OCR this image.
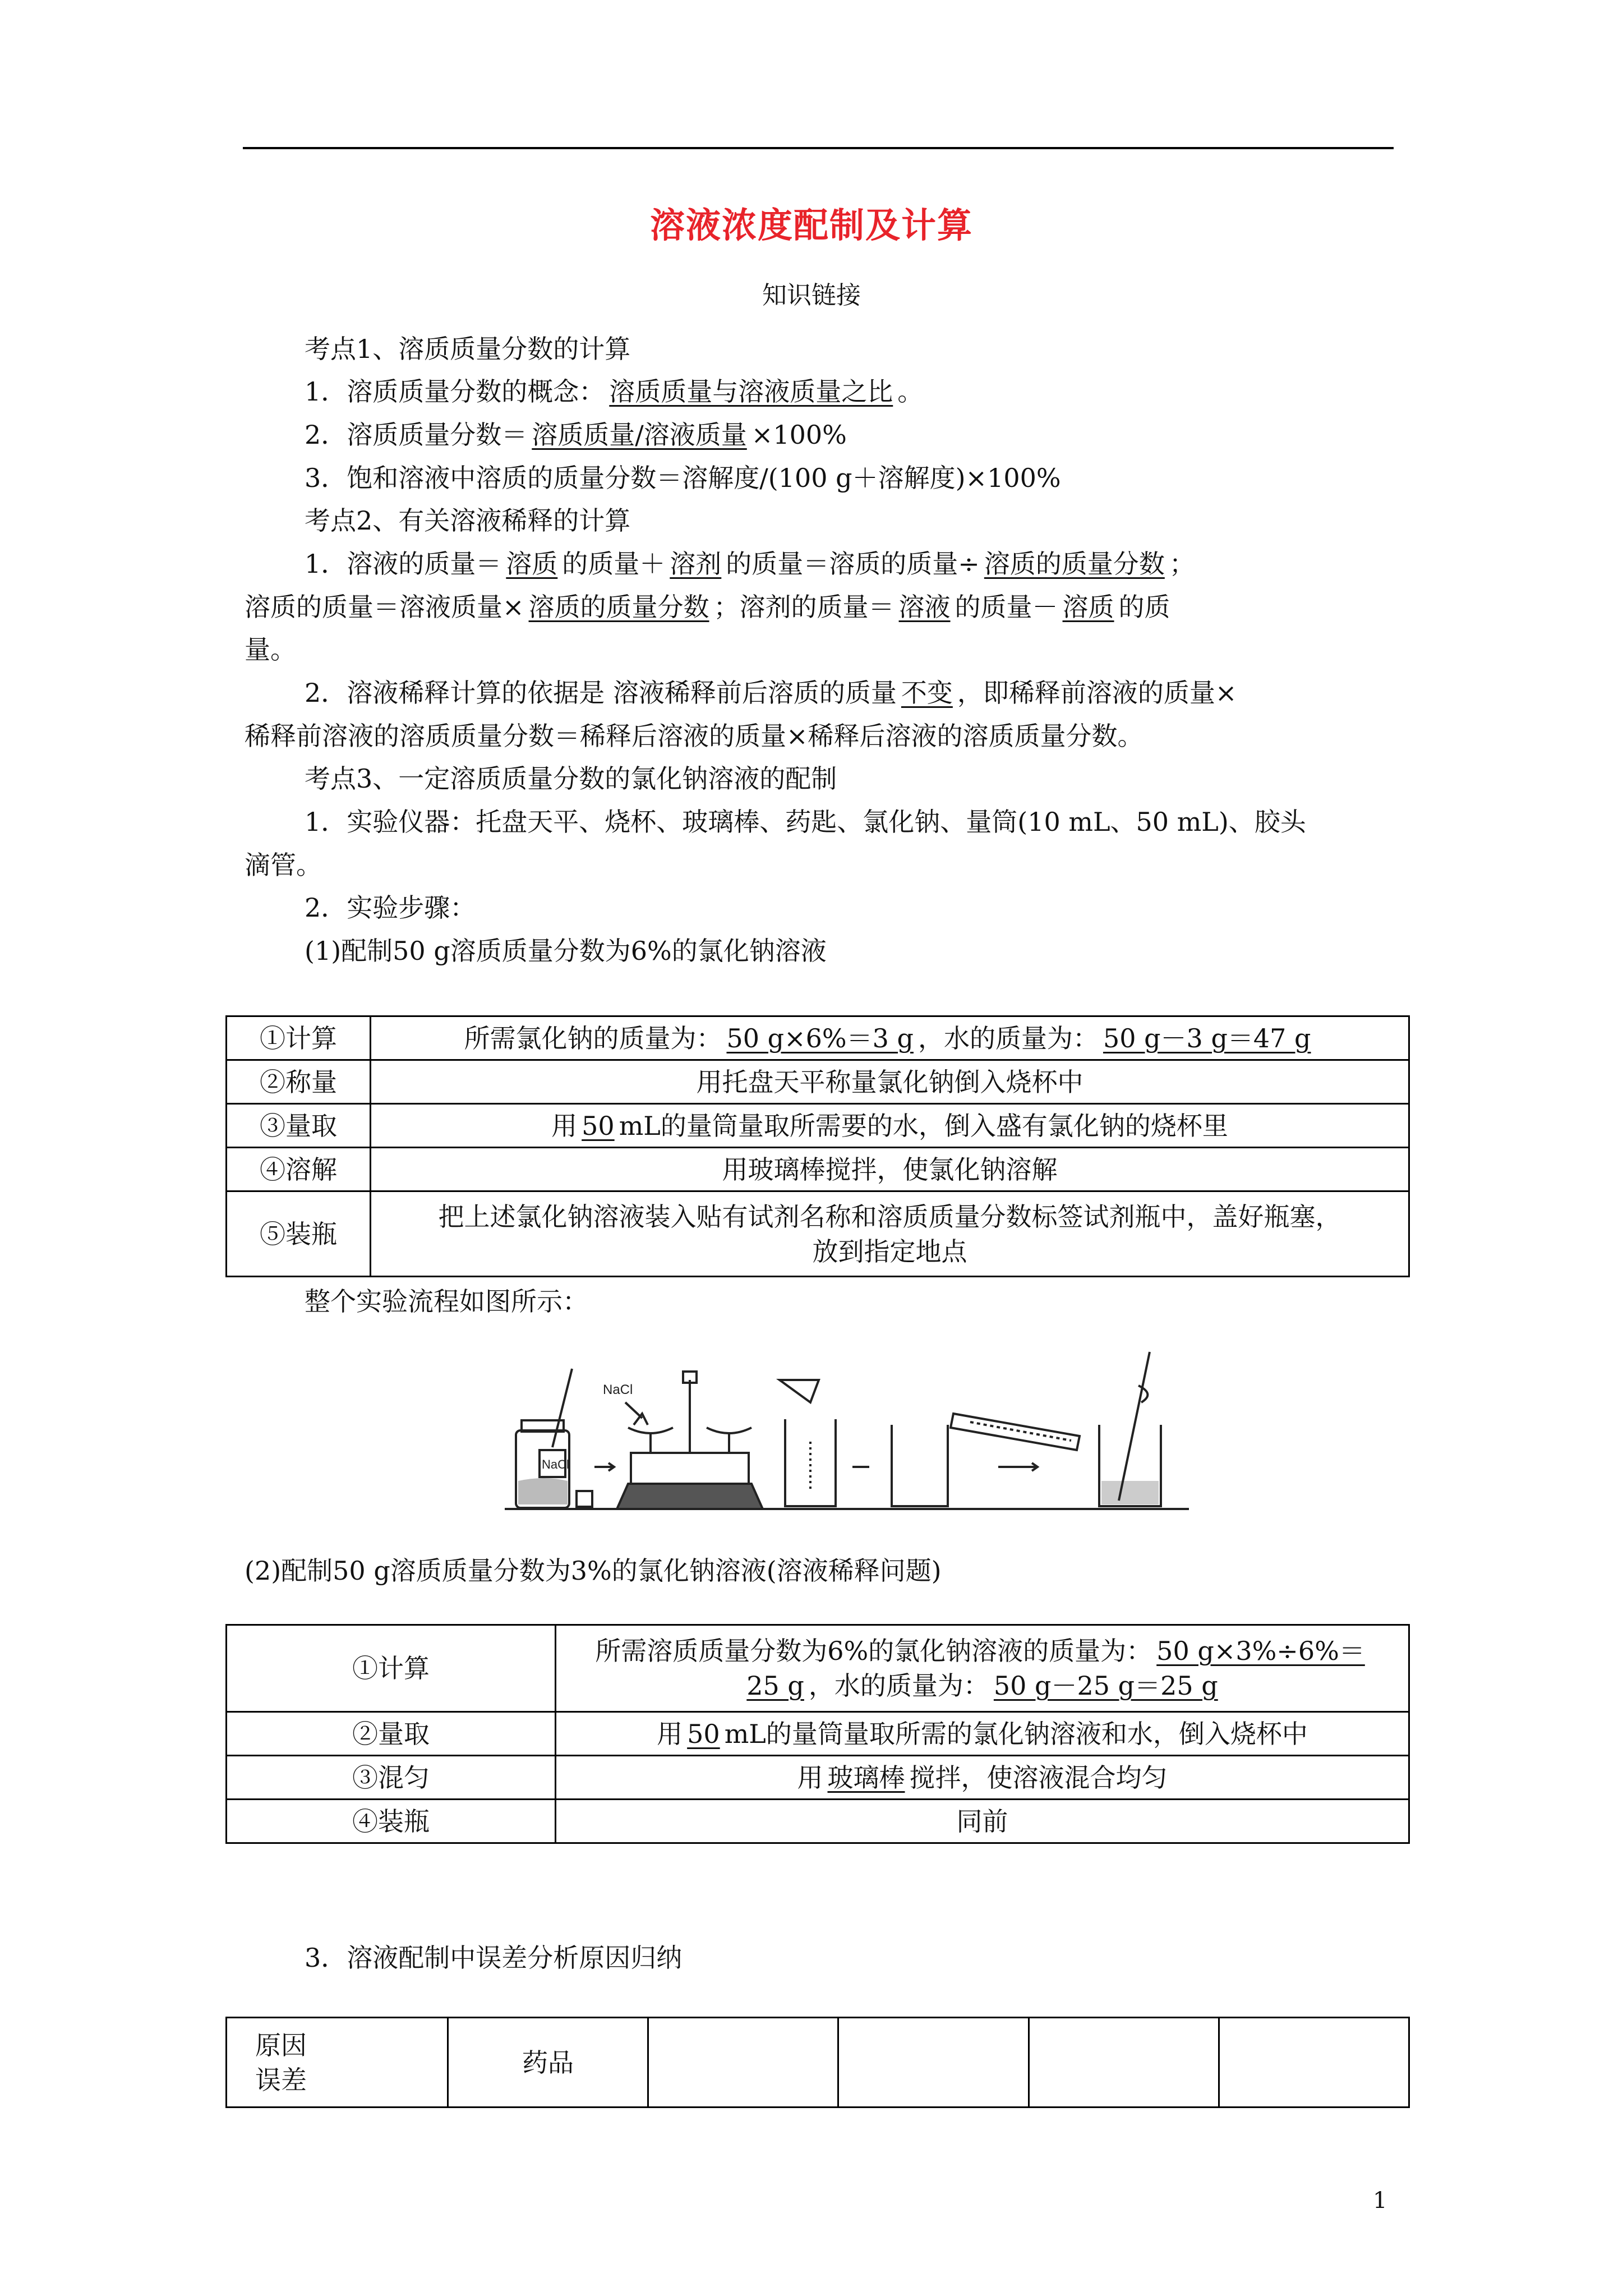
溶液浓度配制及计算
知识链接
考点1、溶质质量分数的计算
1．溶质质量分数的概念： 溶质质量与溶液质量之比 。
2．溶质质量分数＝ 溶质质量/溶液质量 ×100%
3．饱和溶液中溶质的质量分数＝溶解度/(100 g＋溶解度)×100%
考点2、有关溶液稀释的计算
1．溶液的质量＝ 溶质 的质量＋ 溶剂 的质量＝溶质的质量÷ 溶质的质量分数 ；
溶质的质量＝溶液质量× 溶质的质量分数 ；溶剂的质量＝ 溶液 的质量－ 溶质 的质
量。
2．溶液稀释计算的依据是 溶液稀释前后溶质的质量 不变 ，即稀释前溶液的质量×
稀释前溶液的溶质质量分数＝稀释后溶液的质量×稀释后溶液的溶质质量分数。
考点3、一定溶质质量分数的氯化钠溶液的配制
1．实验仪器：托盘天平、烧杯、玻璃棒、药匙、氯化钠、量筒(10 mL、50 mL)、胶头
滴管。
2．实验步骤：
(1)配制50 g溶质质量分数为6%的氯化钠溶液
①计算	所需氯化钠的质量为： 50 g×6%＝3 g ，水的质量为： 50 g－3 g＝47 g
②称量	用托盘天平称量氯化钠倒入烧杯中
③量取	用 50 mL的量筒量取所需要的水，倒入盛有氯化钠的烧杯里
④溶解	用玻璃棒搅拌，使氯化钠溶解
⑤装瓶	把上述氯化钠溶液装入贴有试剂名称和溶质质量分数标签试剂瓶中，盖好瓶塞，
放到指定地点
整个实验流程如图所示：
NaCl
NaCl
(2)配制50 g溶质质量分数为3%的氯化钠溶液(溶液稀释问题)
①计算	所需溶质质量分数为6%的氯化钠溶液的质量为： 50 g×3%÷6%＝
25 g ，水的质量为： 50 g－25 g＝25 g

②量取	用 50 mL的量筒量取所需的氯化钠溶液和水，倒入烧杯中
③混匀	用 玻璃棒 搅拌，使溶液混合均匀
④装瓶	同前
3．溶液配制中误差分析原因归纳
原因
误差
	药品				
1
